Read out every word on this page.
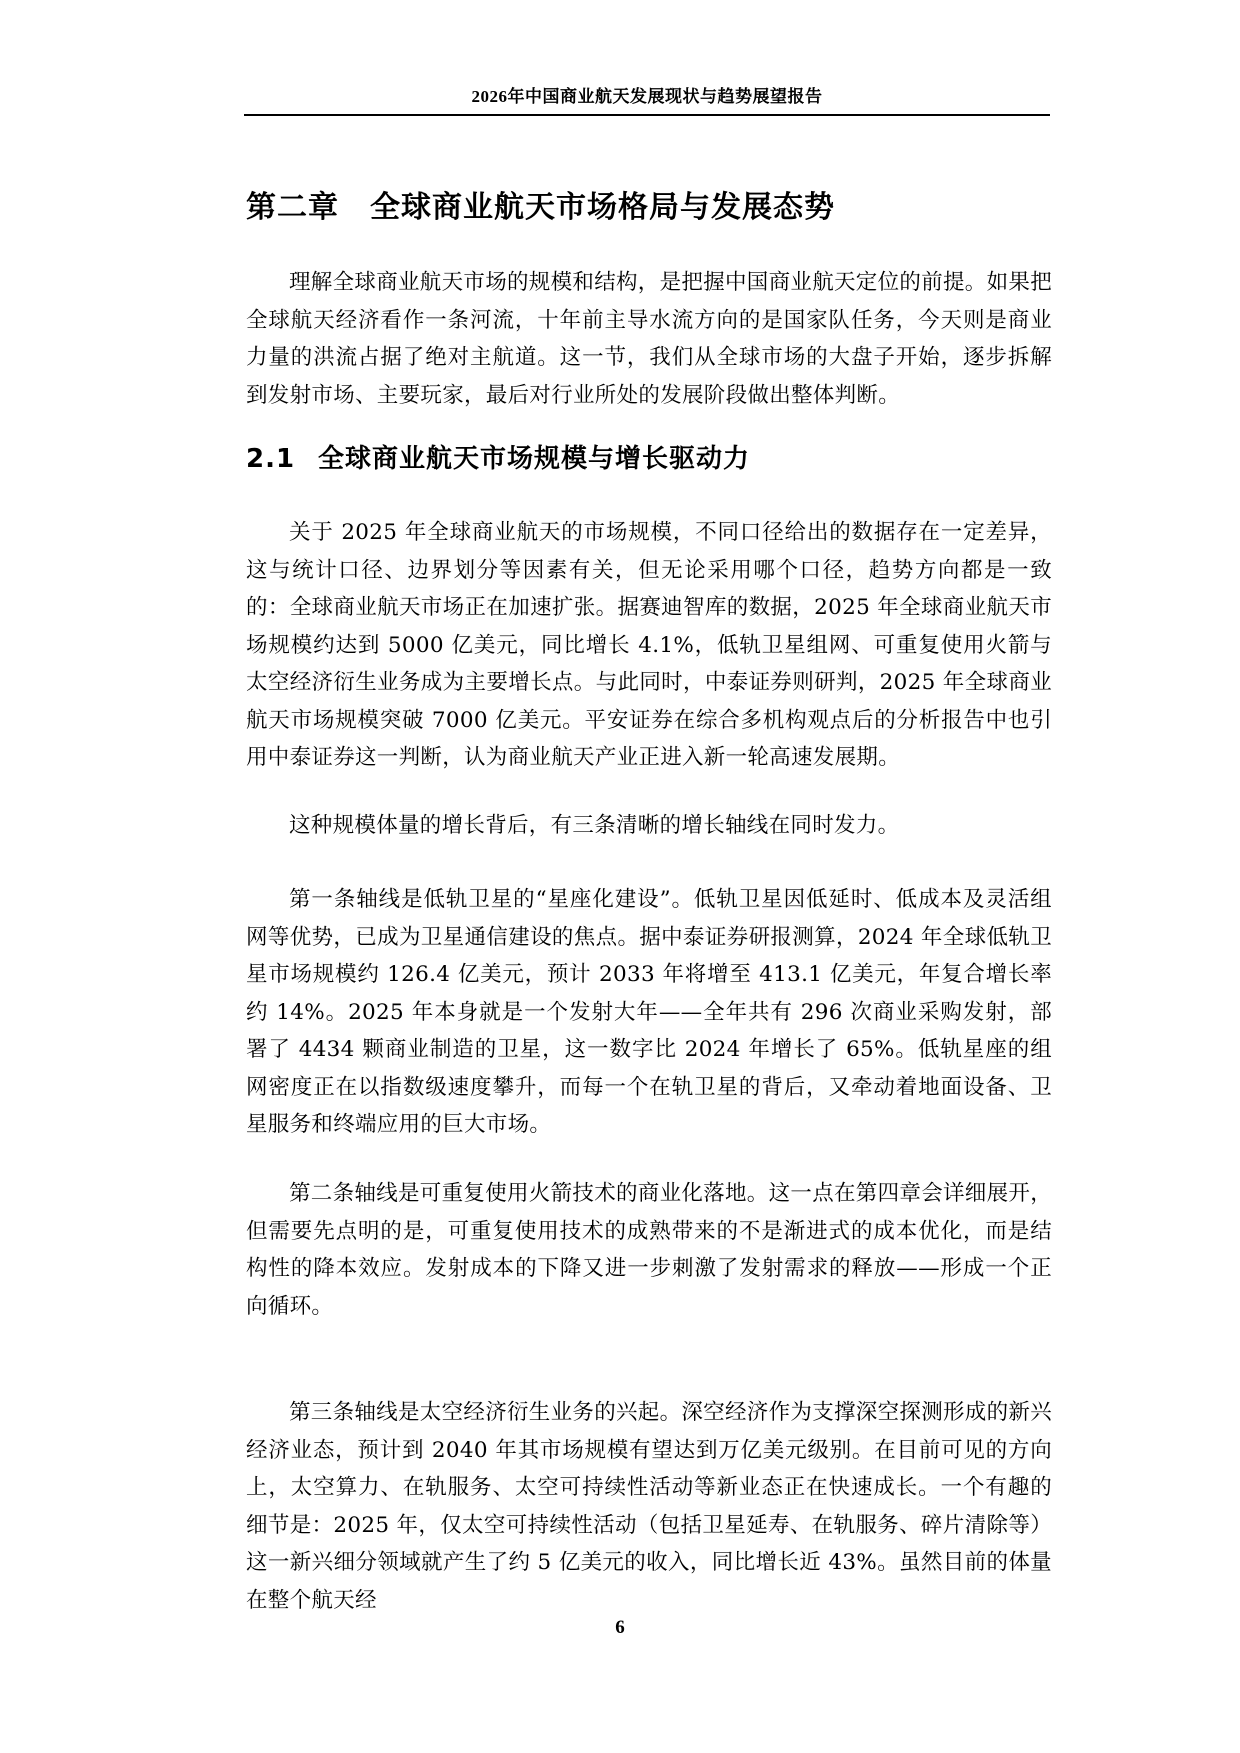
2026年中国商业航天发展现状与趋势展望报告
第二章　全球商业航天市场格局与发展态势

理解全球商业航天市场的规模和结构，是把握中国商业航天定位的前提。如果把全球航天经济看作一条河流，十年前主导水流方向的是国家队任务，今天则是商业力量的洪流占据了绝对主航道。这一节，我们从全球市场的大盘子开始，逐步拆解到发射市场、主要玩家，最后对行业所处的发展阶段做出整体判断。

2.1 全球商业航天市场规模与增长驱动力

关于 2025 年全球商业航天的市场规模，不同口径给出的数据存在一定差异，这与统计口径、边界划分等因素有关，但无论采用哪个口径，趋势方向都是一致的：全球商业航天市场正在加速扩张。据赛迪智库的数据，2025 年全球商业航天市场规模约达到 5000 亿美元，同比增长 4.1%，低轨卫星组网、可重复使用火箭与太空经济衍生业务成为主要增长点。与此同时，中泰证券则研判，2025 年全球商业航天市场规模突破 7000 亿美元。平安证券在综合多机构观点后的分析报告中也引用中泰证券这一判断，认为商业航天产业正进入新一轮高速发展期。

这种规模体量的增长背后，有三条清晰的增长轴线在同时发力。

第一条轴线是低轨卫星的“星座化建设”。低轨卫星因低延时、低成本及灵活组网等优势，已成为卫星通信建设的焦点。据中泰证券研报测算，2024 年全球低轨卫星市场规模约 126.4 亿美元，预计 2033 年将增至 413.1 亿美元，年复合增长率约 14%。2025 年本身就是一个发射大年——全年共有 296 次商业采购发射，部署了 4434 颗商业制造的卫星，这一数字比 2024 年增长了 65%。低轨星座的组网密度正在以指数级速度攀升，而每一个在轨卫星的背后，又牵动着地面设备、卫星服务和终端应用的巨大市场。

第二条轴线是可重复使用火箭技术的商业化落地。这一点在第四章会详细展开，但需要先点明的是，可重复使用技术的成熟带来的不是渐进式的成本优化，而是结构性的降本效应。发射成本的下降又进一步刺激了发射需求的释放——形成一个正向循环。

第三条轴线是太空经济衍生业务的兴起。深空经济作为支撑深空探测形成的新兴经济业态，预计到 2040 年其市场规模有望达到万亿美元级别。在目前可见的方向上，太空算力、在轨服务、太空可持续性活动等新业态正在快速成长。一个有趣的细节是：2025 年，仅太空可持续性活动（包括卫星延寿、在轨服务、碎片清除等）这一新兴细分领域就产生了约 5 亿美元的收入，同比增长近 43%。虽然目前的体量在整个航天经

6
